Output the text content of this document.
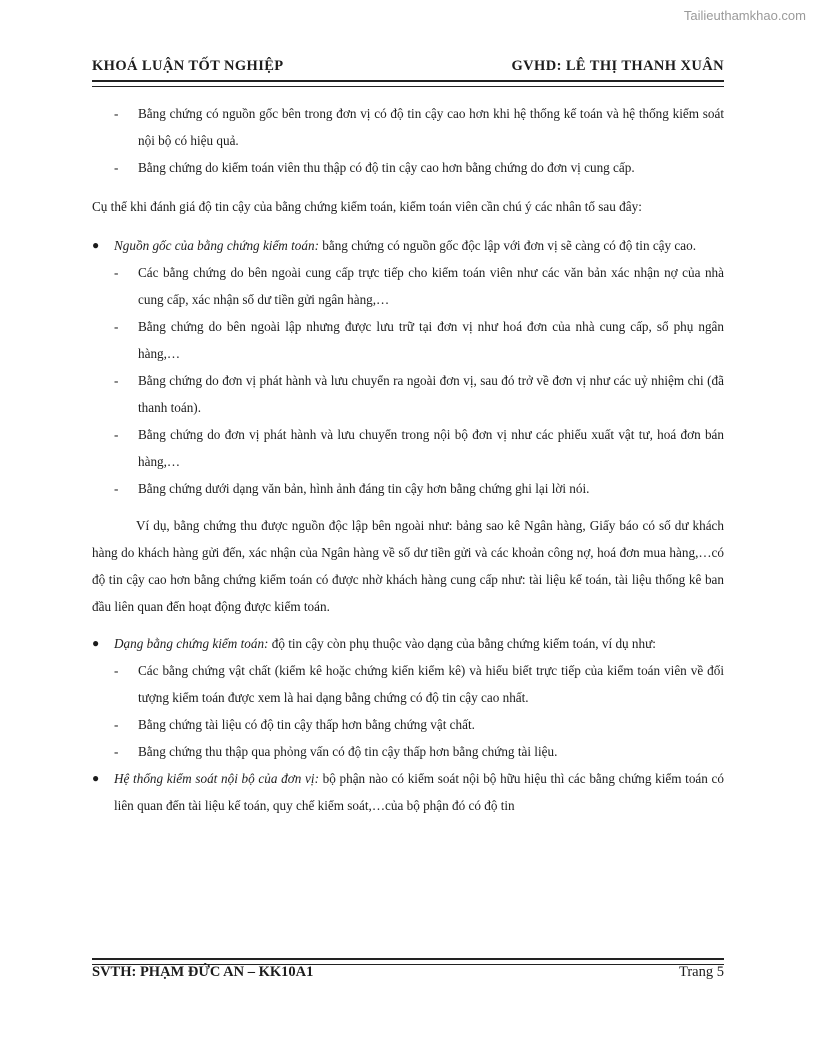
Tailieuthamkhao.com
KHOÁ LUẬN TỐT NGHIỆP	GVHD: LÊ THỊ THANH XUÂN

- Bằng chứng có nguồn gốc bên trong đơn vị có độ tin cậy cao hơn khi hệ thống kế toán và hệ thống kiểm soát nội bộ có hiệu quả.

- Bằng chứng do kiểm toán viên thu thập có độ tin cậy cao hơn bằng chứng do đơn vị cung cấp.

Cụ thể khi đánh giá độ tin cậy của bằng chứng kiểm toán, kiểm toán viên cần chú ý các nhân tố sau đây:

● Nguồn gốc của bằng chứng kiểm toán: bằng chứng có nguồn gốc độc lập với đơn vị sẽ càng có độ tin cậy cao.

- Các bằng chứng do bên ngoài cung cấp trực tiếp cho kiểm toán viên như các văn bản xác nhận nợ của nhà cung cấp, xác nhận số dư tiền gửi ngân hàng,…

- Bằng chứng do bên ngoài lập nhưng được lưu trữ tại đơn vị như hoá đơn của nhà cung cấp, sổ phụ ngân hàng,…

- Bằng chứng do đơn vị phát hành và lưu chuyển ra ngoài đơn vị, sau đó trở về đơn vị như các uỷ nhiệm chi (đã thanh toán).

- Bằng chứng do đơn vị phát hành và lưu chuyển trong nội bộ đơn vị như các phiếu xuất vật tư, hoá đơn bán hàng,…

- Bằng chứng dưới dạng văn bản, hình ảnh đáng tin cậy hơn bằng chứng ghi lại lời nói.

Ví dụ, bằng chứng thu được nguồn độc lập bên ngoài như: bảng sao kê Ngân hàng, Giấy báo có số dư khách hàng do khách hàng gửi đến, xác nhận của Ngân hàng về số dư tiền gửi và các khoản công nợ, hoá đơn mua hàng,…có độ tin cậy cao hơn bằng chứng kiểm toán có được nhờ khách hàng cung cấp như: tài liệu kế toán, tài liệu thống kê ban đầu liên quan đến hoạt động được kiểm toán.

● Dạng bằng chứng kiểm toán: độ tin cậy còn phụ thuộc vào dạng của bằng chứng kiểm toán, ví dụ như:

- Các bằng chứng vật chất (kiểm kê hoặc chứng kiến kiểm kê) và hiểu biết trực tiếp của kiểm toán viên về đối tượng kiểm toán được xem là hai dạng bằng chứng có độ tin cậy cao nhất.

- Bằng chứng tài liệu có độ tin cậy thấp hơn bằng chứng vật chất.

- Bằng chứng thu thập qua phỏng vấn có độ tin cậy thấp hơn bằng chứng tài liệu.

● Hệ thống kiểm soát nội bộ của đơn vị: bộ phận nào có kiểm soát nội bộ hữu hiệu thì các bằng chứng kiểm toán có liên quan đến tài liệu kế toán, quy chế kiểm soát,…của bộ phận đó có độ tin

SVTH: PHẠM ĐỨC AN – KK10A1	Trang 5
